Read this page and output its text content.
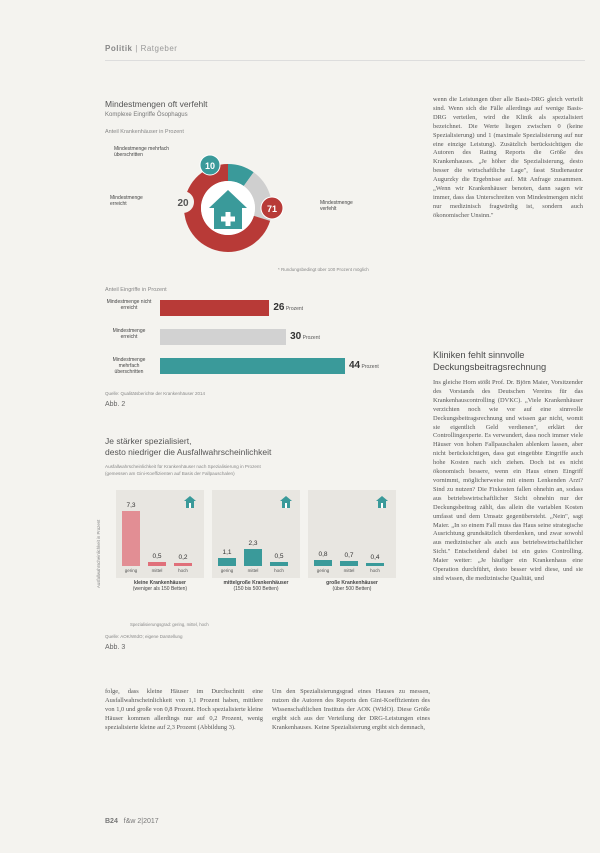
Politik | Ratgeber
Mindestmengen oft verfehlt
Komplexe Eingriffe Ösophagus
Anteil Krankenhäuser in Prozent
20
10
71
Mindestmenge mehrfach überschritten
Mindestmenge erreicht	Mindestmenge verfehlt
* Rundungsbedingt über 100 Prozent möglich
Anteil Eingriffe in Prozent
Mindestmenge nicht erreicht	26 Prozent
Mindestmenge erreicht	30 Prozent
Mindestmenge mehrfach überschritten
44 Prozent
Quelle: Qualitätsberichte der Krankenhäuser 2014
Abb. 2
Je stärker spezialisiert,
desto niedriger die Ausfallwahrscheinlichkeit
Ausfallwahrscheinlichkeit für Krankenhäuser nach Spezialisierung in Prozent
(gemessen am Gini-Koeffizienten auf Basis der Fallpauschalen)
Ausfallwahrscheinlichkeit in Prozent
7,3
gering
0,5
mittel
0,2
hoch
kleine Krankenhäuser
(weniger als 150 Betten)
1,1
gering
2,3
mittel
0,5
hoch
mittelgroße Krankenhäuser
(150 bis 500 Betten)
0,8
gering
0,7
mittel
0,4
hoch
große Krankenhäuser
(über 500 Betten)
Spezialisierungsgrad: gering, mittel, hoch
Quelle: AOK/WIdO; eigene Darstellung
Abb. 3
folge, dass kleine Häuser im Durchschnitt eine Ausfallwahrscheinlichkeit von 1,1 Prozent haben, mittlere von 1,0 und große von 0,8 Prozent. Hoch spezialisierte kleine Häuser kommen allerdings nur auf 0,2 Prozent, wenig spezialisierte kleine auf 2,3 Prozent (Abbildung 3).
Um den Spezialisierungsgrad eines Hauses zu messen, nutzen die Autoren des Reports den Gini-Koeffizienten des Wissenschaftlichen Instituts der AOK (WIdO). Diese Größe ergibt sich aus der Verteilung der DRG-Leistungen eines Krankenhauses. Keine Spezialisierung ergibt sich demnach,
wenn die Leistungen über alle Basis-DRG gleich verteilt sind. Wenn sich die Fälle allerdings auf wenige Basis-DRG verteilen, wird die Klinik als spezialisiert bezeichnet. Die Werte liegen zwischen 0 (keine Spezialisierung) und 1 (maximale Spezialisierung auf nur eine einzige Leistung). Zusätzlich berücksichtigen die Autoren des Rating Reports die Größe des Krankenhauses. „Je höher die Spezialisierung, desto besser die wirtschaftliche Lage", fasst Studienautor Augurzky die Ergebnisse auf. Mit Anfrage zusammen. „Wenn wir Krankenhäuser benoten, dann sagen wir immer, dass das Unterschreiten von Mindestmengen nicht nur medizinisch fragwürdig ist, sondern auch ökonomischer Unsinn."
Kliniken fehlt sinnvolle Deckungsbeitragsrechnung
Ins gleiche Horn stößt Prof. Dr. Björn Maier, Vorsitzender des Vorstands des Deutschen Vereins für das Krankenhauscontrolling (DVKC). „Viele Krankenhäuser verzichten noch wie vor auf eine sinnvolle Deckungsbeitragsrechnung und wissen gar nicht, womit sie eigentlich Geld verdienen", erklärt der Controllingexperte. Es verwundert, dass noch immer viele Häuser von hohen Fallpauschalen ablenken lassen, aber nicht berücksichtigen, dass gut eingeübte Eingriffe auch hohe Kosten nach sich ziehen. Doch ist es nicht ökonomisch bessere, wenn ein Haus einen Eingriff vornimmt, möglicherweise mit einem Lenkenden Arzt? Sind zu nutzen? Die Fixkosten fallen ohnehin an, sodass aus betriebswirtschaftlicher Sicht ohnehin nur der Deckungsbeitrag zählt, das allein die variablen Kosten umfasst und dem Umsatz gegenübersteht. „Nein", sagt Maier. „In so einem Fall muss das Haus seine strategische Ausrichtung grundsätzlich überdenken, und zwar sowohl aus medizinischer als auch aus betriebswirtschaftlicher Sicht." Entscheidend dabei ist ein gutes Controlling. Maier weiter: „Je häufiger ein Krankenhaus eine Operation durchführt, desto besser wird diese, und sie sind wissen, die medizinische Qualität, und
B24 f&w 2|2017
